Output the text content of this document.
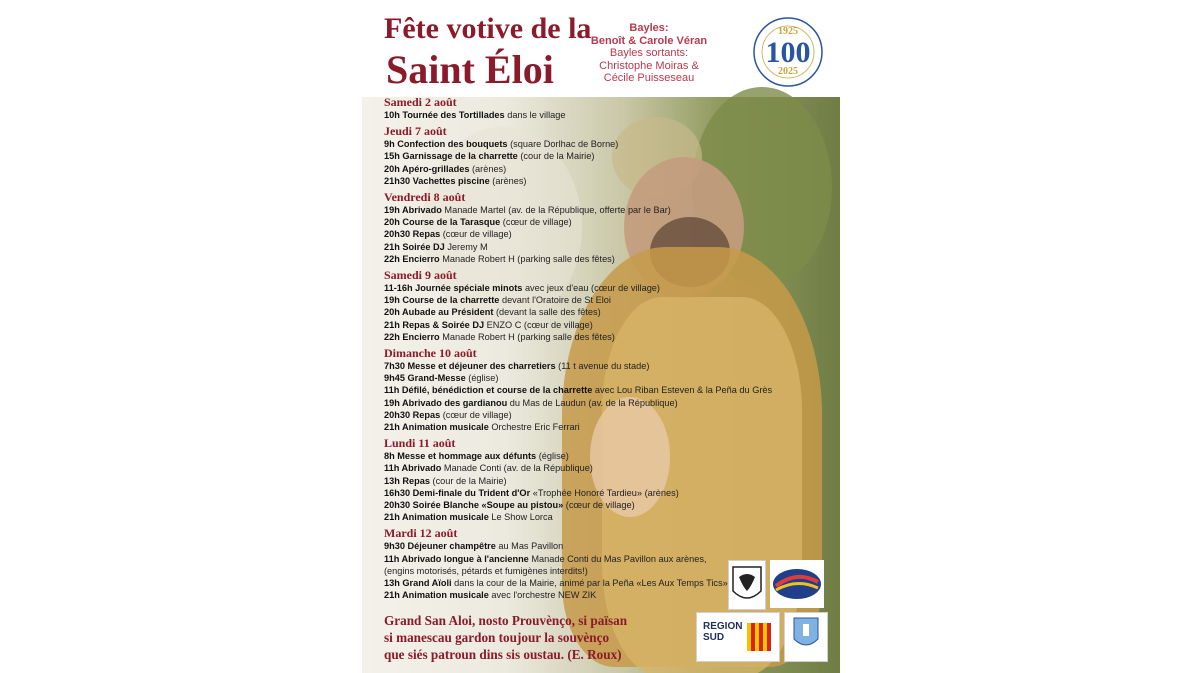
Fête votive de la
Saint Éloi
Bayles:
Benoît & Carole Véran
Bayles sortants:
Christophe Moiras &
Cécile Puisseseau
1925
100
2025
Samedi 2 août
10h Tournée des Tortillades dans le village
Jeudi 7 août
9h Confection des bouquets (square Dorlhac de Borne)
15h Garnissage de la charrette (cour de la Mairie)
20h Apéro-grillades (arènes)
21h30 Vachettes piscine (arènes)
Vendredi 8 août
19h Abrivado Manade Martel (av. de la République, offerte par le Bar)
20h Course de la Tarasque (cœur de village)
20h30 Repas (cœur de village)
21h Soirée DJ Jeremy M
22h Encierro Manade Robert H (parking salle des fêtes)
Samedi 9 août
11-16h Journée spéciale minots avec jeux d'eau (cœur de village)
19h Course de la charrette devant l'Oratoire de St Eloi
20h Aubade au Président (devant la salle des fêtes)
21h Repas & Soirée DJ ENZO C (cœur de village)
22h Encierro Manade Robert H (parking salle des fêtes)
Dimanche 10 août
7h30 Messe et déjeuner des charretiers (11 t avenue du stade)
9h45 Grand-Messe (église)
11h Défilé, bénédiction et course de la charrette avec Lou Riban Esteven & la Peña du Grès
19h Abrivado des gardianou du Mas de Laudun (av. de la République)
20h30 Repas (cœur de village)
21h Animation musicale Orchestre Eric Ferrari
Lundi 11 août
8h Messe et hommage aux défunts (église)
11h Abrivado Manade Conti (av. de la République)
13h Repas (cour de la Mairie)
16h30 Demi-finale du Trident d'Or «Trophée Honoré Tardieu» (arènes)
20h30 Soirée Blanche «Soupe au pistou» (cœur de village)
21h Animation musicale Le Show Lorca
Mardi 12 août
9h30 Déjeuner champêtre au Mas Pavillon
11h Abrivado longue à l'ancienne Manade Conti du Mas Pavillon aux arènes,
(engins motorisés, pétards et fumigènes interdits!)
13h Grand Aïoli dans la cour de la Mairie, animé par la Peña «Les Aux Temps Tics»
21h Animation musicale avec l'orchestre NEW ZIK
Grand San Aloi, nosto Prouvènço, si païsan
si manescau gardon toujour la souvènço
que siés patroun dins sis oustau. (E. Roux)
REGION
SUD
